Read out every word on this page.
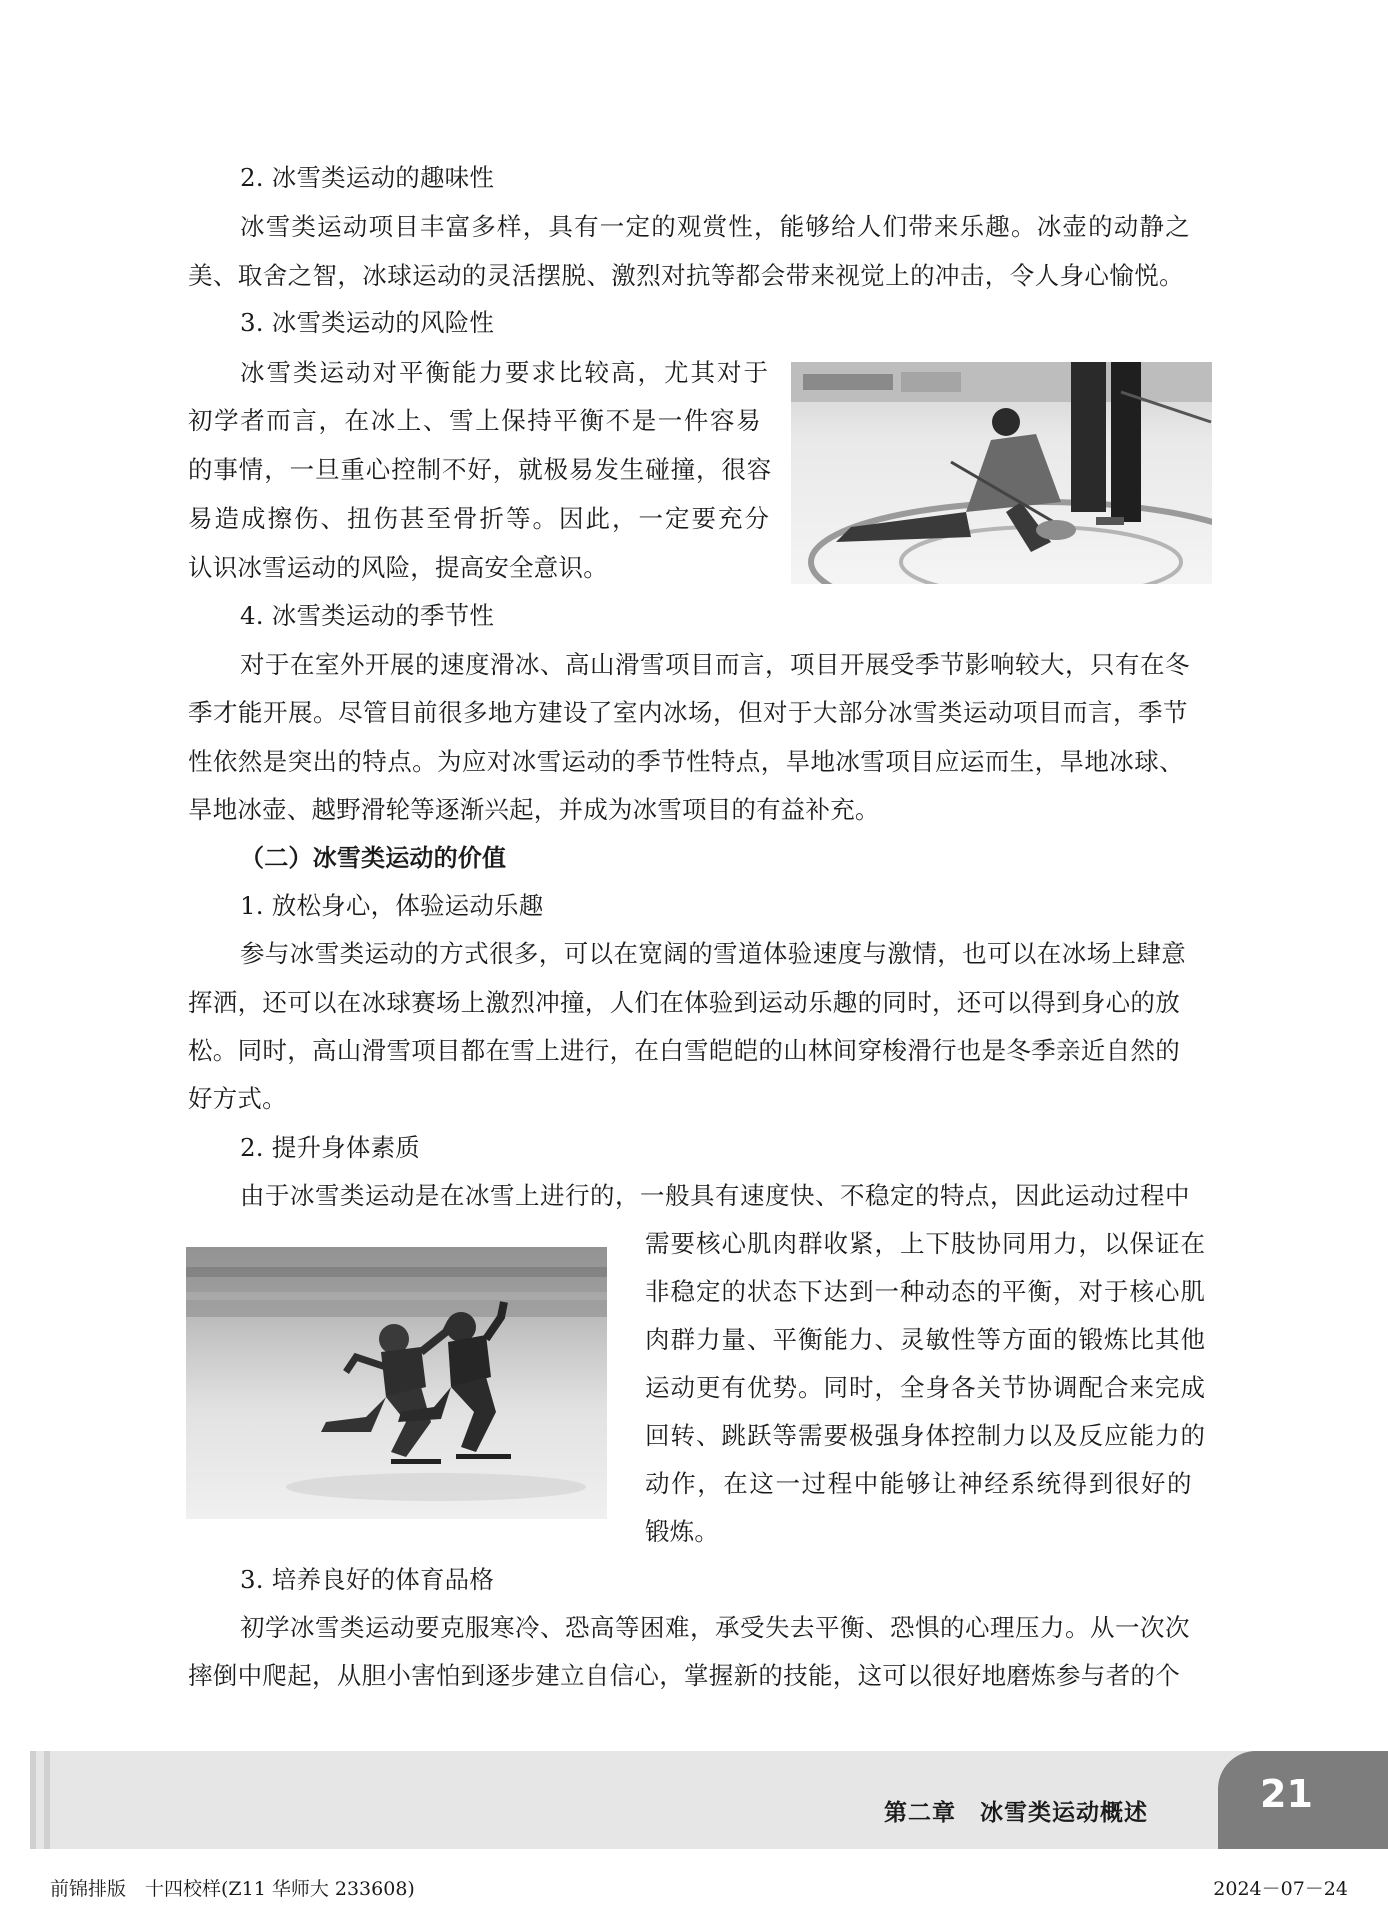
2. 冰雪类运动的趣味性
冰雪类运动项目丰富多样，具有一定的观赏性，能够给人们带来乐趣。冰壶的动静之
美、取舍之智，冰球运动的灵活摆脱、激烈对抗等都会带来视觉上的冲击，令人身心愉悦。
3. 冰雪类运动的风险性
冰雪类运动对平衡能力要求比较高，尤其对于
初学者而言，在冰上、雪上保持平衡不是一件容易
的事情，一旦重心控制不好，就极易发生碰撞，很容
易造成擦伤、扭伤甚至骨折等。因此，一定要充分
认识冰雪运动的风险，提高安全意识。
4. 冰雪类运动的季节性
对于在室外开展的速度滑冰、高山滑雪项目而言，项目开展受季节影响较大，只有在冬
季才能开展。尽管目前很多地方建设了室内冰场，但对于大部分冰雪类运动项目而言，季节
性依然是突出的特点。为应对冰雪运动的季节性特点，旱地冰雪项目应运而生，旱地冰球、
旱地冰壶、越野滑轮等逐渐兴起，并成为冰雪项目的有益补充。
（二）冰雪类运动的价值
1. 放松身心，体验运动乐趣
参与冰雪类运动的方式很多，可以在宽阔的雪道体验速度与激情，也可以在冰场上肆意
挥洒，还可以在冰球赛场上激烈冲撞，人们在体验到运动乐趣的同时，还可以得到身心的放
松。同时，高山滑雪项目都在雪上进行，在白雪皑皑的山林间穿梭滑行也是冬季亲近自然的
好方式。
2. 提升身体素质
由于冰雪类运动是在冰雪上进行的，一般具有速度快、不稳定的特点，因此运动过程中
需要核心肌肉群收紧，上下肢协同用力，以保证在
非稳定的状态下达到一种动态的平衡，对于核心肌
肉群力量、平衡能力、灵敏性等方面的锻炼比其他
运动更有优势。同时，全身各关节协调配合来完成
回转、跳跃等需要极强身体控制力以及反应能力的
动作，在这一过程中能够让神经系统得到很好的
锻炼。
3. 培养良好的体育品格
初学冰雪类运动要克服寒冷、恐高等困难，承受失去平衡、恐惧的心理压力。从一次次
摔倒中爬起，从胆小害怕到逐步建立自信心，掌握新的技能，这可以很好地磨炼参与者的个
第二章　冰雪类运动概述	21
前锦排版　十四校样(Z11 华师大 233608)	2024－07－24
